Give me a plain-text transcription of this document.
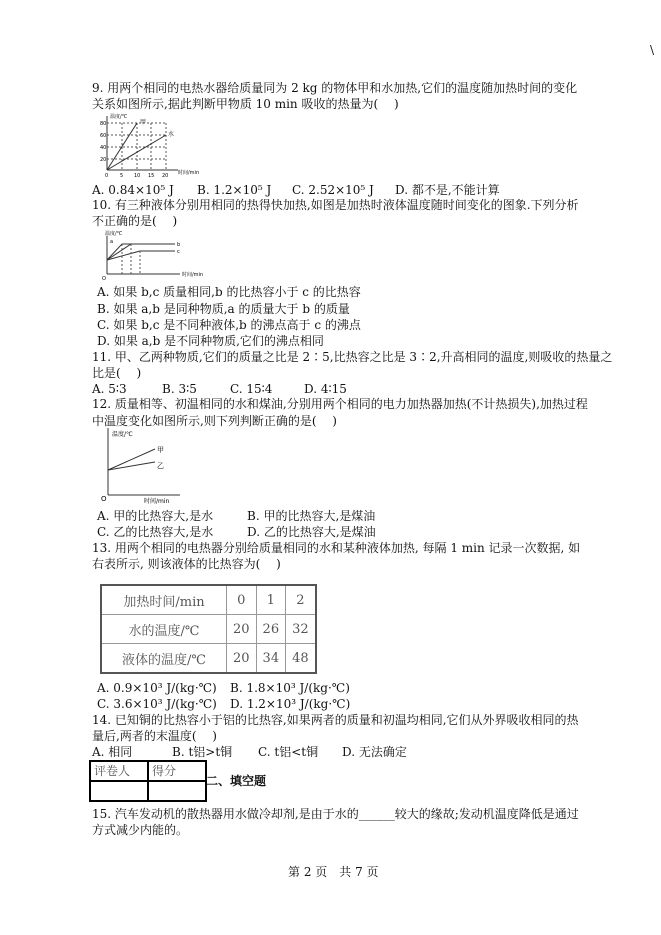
\
9. 用两个相同的电热水器给质量同为 2 kg 的物体甲和水加热,它们的温度随加热时间的变化
关系如图所示,据此判断甲物质 10 min 吸收的热量为(　 )
温度/℃
时间/min
甲
水
80
60
40
20
0 5 10 15 20
A. 0.84×10⁵ J B. 1.2×10⁵ J C. 2.52×10⁵ J D. 都不是,不能计算
10. 有三种液体分别用相同的热得快加热,如图是加热时液体温度随时间变化的图象.下列分析
不正确的是(　 )
温度/℃
时间/min
O
a	b
c
A. 如果 b,c 质量相同,b 的比热容小于 c 的比热容
B. 如果 a,b 是同种物质,a 的质量大于 b 的质量
C. 如果 b,c 是不同种液体,b 的沸点高于 c 的沸点
D. 如果 a,b 是不同种物质,它们的沸点相同
11. 甲、乙两种物质,它们的质量之比是 2∶5,比热容之比是 3∶2,升高相同的温度,则吸收的热量之
比是(　 )
A. 5∶3	B. 3∶5	C. 15∶4	D. 4∶15
12. 质量相等、初温相同的水和煤油,分别用两个相同的电力加热器加热(不计热损失),加热过程
中温度变化如图所示,则下列判断正确的是(　 )
温度/℃
时间/min
O
甲
乙
A. 甲的比热容大,是水	B. 甲的比热容大,是煤油
C. 乙的比热容大,是水	D. 乙的比热容大,是煤油
13. 用两个相同的电热器分别给质量相同的水和某种液体加热, 每隔 1 min 记录一次数据, 如
右表所示, 则该液体的比热容为(　 )
加热时间/min	0	1	2
水的温度/℃	20	26	32
液体的温度/℃	20	34	48
A. 0.9×10³ J/(kg·℃) B. 1.8×10³ J/(kg·℃)
C. 3.6×10³ J/(kg·℃) D. 1.2×10³ J/(kg·℃)
14. 已知铜的比热容小于铝的比热容,如果两者的质量和初温均相同,它们从外界吸收相同的热
量后,两者的末温度(　 )
A. 相同	B. t铝>t铜 C. t铝<t铜 D. 无法确定
评卷人	得分

二、填空题
15. 汽车发动机的散热器用水做冷却剂,是由于水的______较大的缘故;发动机温度降低是通过
方式减少内能的。
第 2 页　共 7 页
